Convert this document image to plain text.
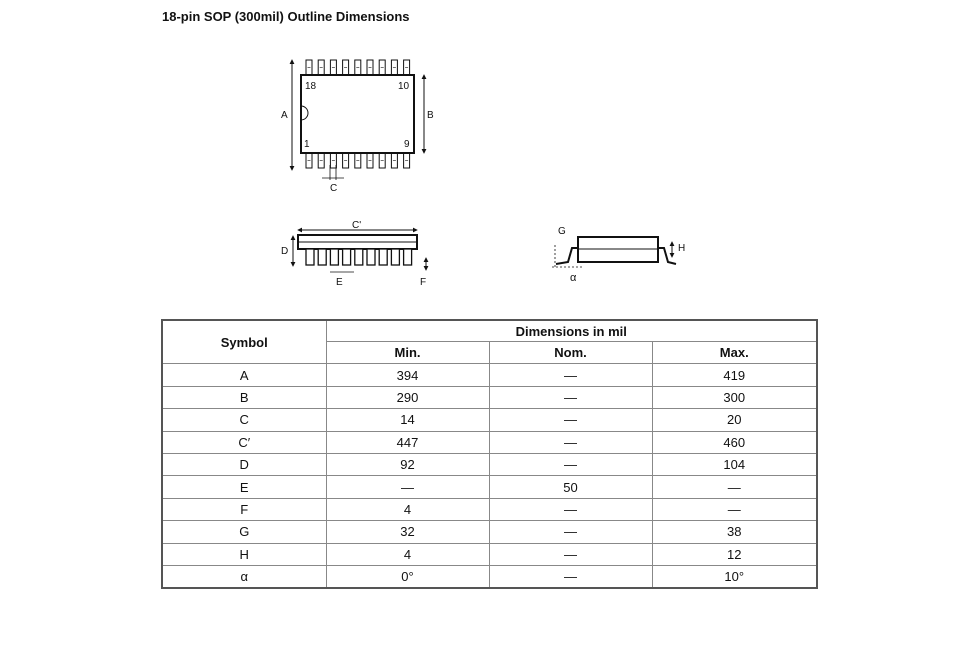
18-pin SOP (300mil) Outline Dimensions
18	10
1	9
A	B
C
C'
D
E	F
G
H
α
Symbol	Dimensions in mil		
	Min.	Nom.	Max.
A	394	—	419
B	290	—	300
C	14	—	20
C′	447	—	460
D	92	—	104
E	—	50	—
F	4	—	—
G	32	—	38
H	4	—	12
α	0°	—	10°
